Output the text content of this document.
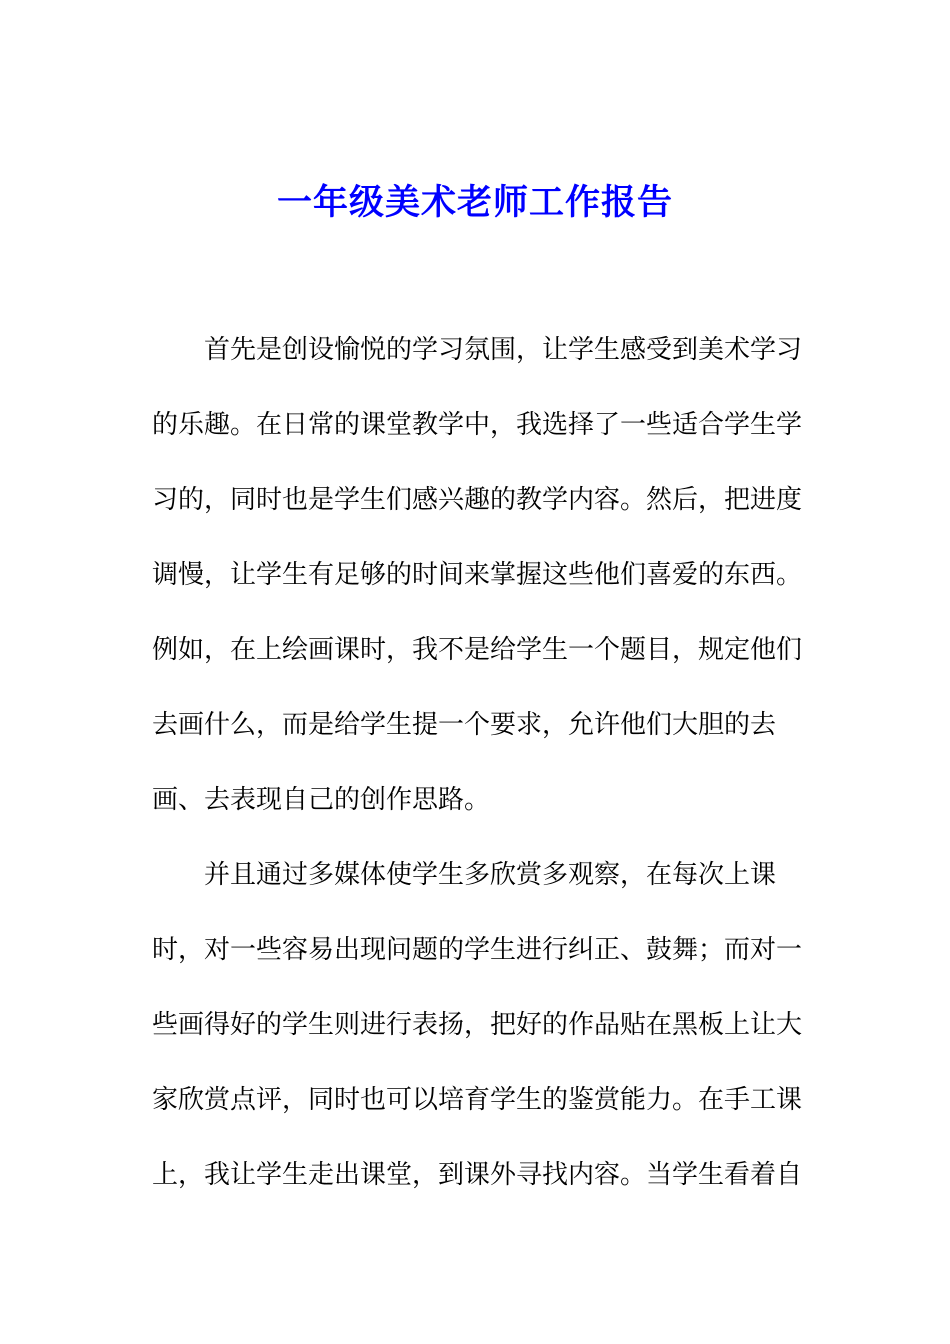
一年级美术老师工作报告
首先是创设愉悦的学习氛围，让学生感受到美术学习
的乐趣。在日常的课堂教学中，我选择了一些适合学生学
习的，同时也是学生们感兴趣的教学内容。然后，把进度
调慢，让学生有足够的时间来掌握这些他们喜爱的东西。
例如，在上绘画课时，我不是给学生一个题目，规定他们
去画什么，而是给学生提一个要求，允许他们大胆的去
画、去表现自己的创作思路。
并且通过多媒体使学生多欣赏多观察，在每次上课
时，对一些容易出现问题的学生进行纠正、鼓舞；而对一
些画得好的学生则进行表扬，把好的作品贴在黑板上让大
家欣赏点评，同时也可以培育学生的鉴赏能力。在手工课
上，我让学生走出课堂，到课外寻找内容。当学生看着自
